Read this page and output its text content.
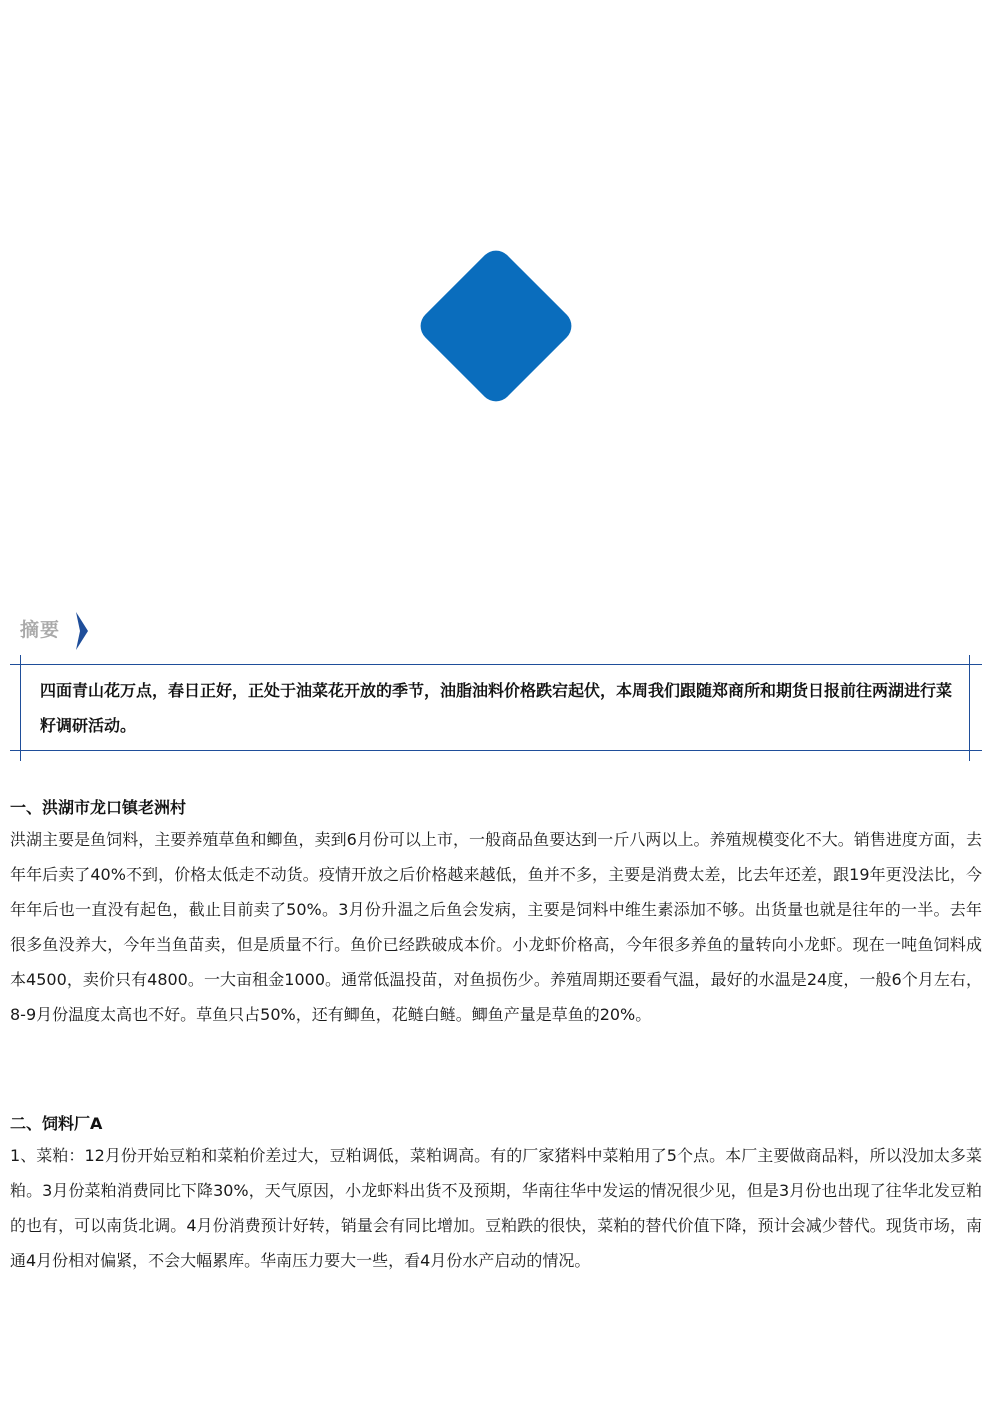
摘要
四面青山花万点，春日正好，正处于油菜花开放的季节，油脂油料价格跌宕起伏，本周我们跟随郑商所和期货日报前往两湖进行菜籽调研活动。
一、洪湖市龙口镇老洲村
洪湖主要是鱼饲料，主要养殖草鱼和鲫鱼，卖到6月份可以上市，一般商品鱼要达到一斤八两以上。养殖规模变化不大。销售进度方面，去年年后卖了40%不到，价格太低走不动货。疫情开放之后价格越来越低，鱼并不多，主要是消费太差，比去年还差，跟19年更没法比，今年年后也一直没有起色，截止目前卖了50%。3月份升温之后鱼会发病，主要是饲料中维生素添加不够。出货量也就是往年的一半。去年很多鱼没养大，今年当鱼苗卖，但是质量不行。鱼价已经跌破成本价。小龙虾价格高，今年很多养鱼的量转向小龙虾。现在一吨鱼饲料成本4500，卖价只有4800。一大亩租金1000。通常低温投苗，对鱼损伤少。养殖周期还要看气温，最好的水温是24度，一般6个月左右，8-9月份温度太高也不好。草鱼只占50%，还有鲫鱼，花鲢白鲢。鲫鱼产量是草鱼的20%。
二、饲料厂A
1、菜粕：12月份开始豆粕和菜粕价差过大，豆粕调低，菜粕调高。有的厂家猪料中菜粕用了5个点。本厂主要做商品料，所以没加太多菜粕。3月份菜粕消费同比下降30%，天气原因，小龙虾料出货不及预期，华南往华中发运的情况很少见，但是3月份也出现了往华北发豆粕的也有，可以南货北调。4月份消费预计好转，销量会有同比增加。豆粕跌的很快，菜粕的替代价值下降，预计会减少替代。现货市场，南通4月份相对偏紧，不会大幅累库。华南压力要大一些，看4月份水产启动的情况。
